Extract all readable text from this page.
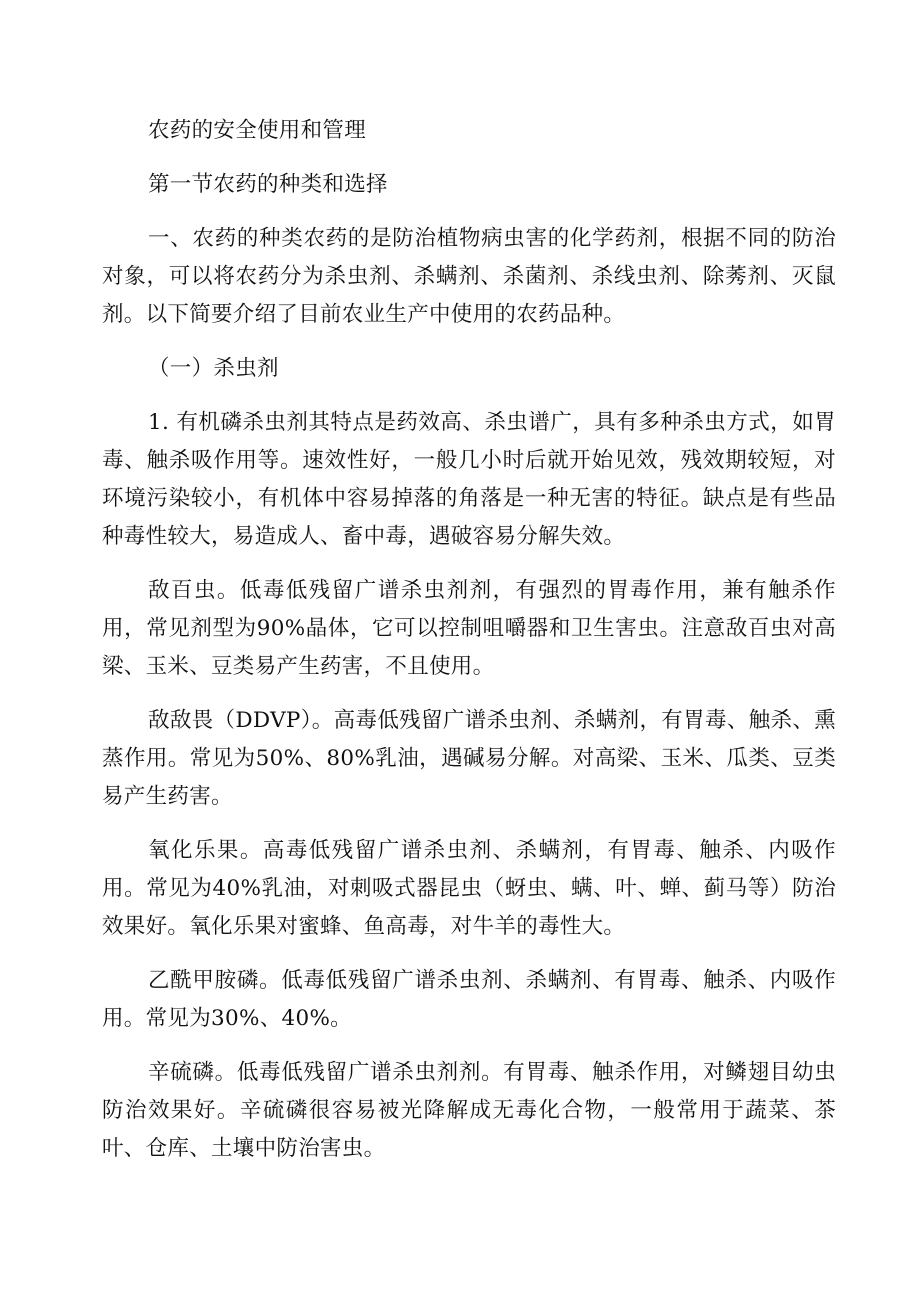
农药的安全使用和管理

第一节农药的种类和选择

一、农药的种类农药的是防治植物病虫害的化学药剂，根据不同的防治对象，可以将农药分为杀虫剂、杀螨剂、杀菌剂、杀线虫剂、除莠剂、灭鼠剂。以下简要介绍了目前农业生产中使用的农药品种。

（一）杀虫剂

1. 有机磷杀虫剂其特点是药效高、杀虫谱广，具有多种杀虫方式，如胃毒、触杀吸作用等。速效性好，一般几小时后就开始见效，残效期较短，对环境污染较小，有机体中容易掉落的角落是一种无害的特征。缺点是有些品种毒性较大，易造成人、畜中毒，遇破容易分解失效。

敌百虫。低毒低残留广谱杀虫剂剂，有强烈的胃毒作用，兼有触杀作用，常见剂型为90%晶体，它可以控制咀嚼器和卫生害虫。注意敌百虫对高梁、玉米、豆类易产生药害，不且使用。

敌敌畏（DDVP）。高毒低残留广谱杀虫剂、杀螨剂，有胃毒、触杀、熏蒸作用。常见为50%、80%乳油，遇碱易分解。对高梁、玉米、瓜类、豆类易产生药害。

氧化乐果。高毒低残留广谱杀虫剂、杀螨剂，有胃毒、触杀、内吸作用。常见为40%乳油，对刺吸式器昆虫（蚜虫、螨、叶、蝉、蓟马等）防治效果好。氧化乐果对蜜蜂、鱼高毒，对牛羊的毒性大。

乙酰甲胺磷。低毒低残留广谱杀虫剂、杀螨剂、有胃毒、触杀、内吸作用。常见为30%、40%。

辛硫磷。低毒低残留广谱杀虫剂剂。有胃毒、触杀作用，对鳞翅目幼虫防治效果好。辛硫磷很容易被光降解成无毒化合物，一般常用于蔬菜、茶叶、仓库、土壤中防治害虫。
